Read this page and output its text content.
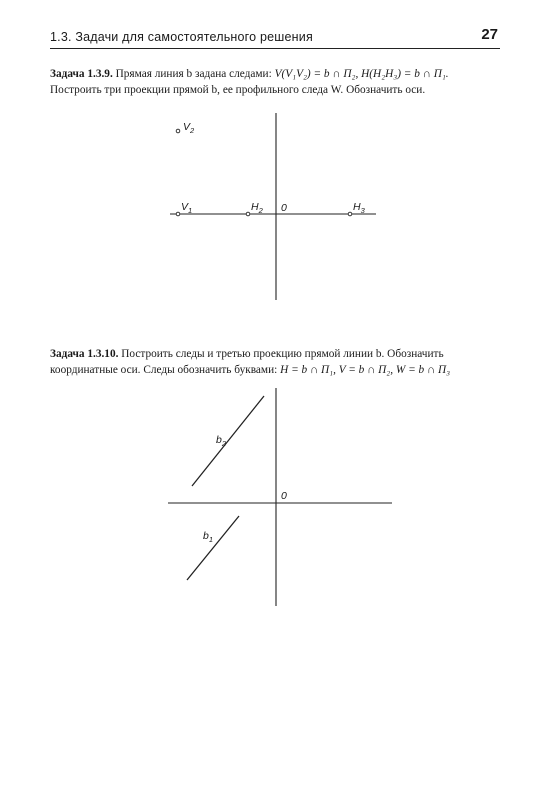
1.3. Задачи для самостоятельного решения	27
Задача 1.3.9. Прямая линия b задана следами: V(V₁V₂) = b ∩ Π₂, H(H₂H₃) = b ∩ Π₁.
Построить три проекции прямой b, ее профильного следа W. Обозначить оси.
0
$V_2$
$V_1$	$H_2$	$H_3$
Задача 1.3.10. Построить следы и третью проекцию прямой линии b. Обозначить
координатные оси. Следы обозначить буквами: H = b ∩ Π₁, V = b ∩ Π₂, W = b ∩ Π₃
0
$b_2$
$b_1$
